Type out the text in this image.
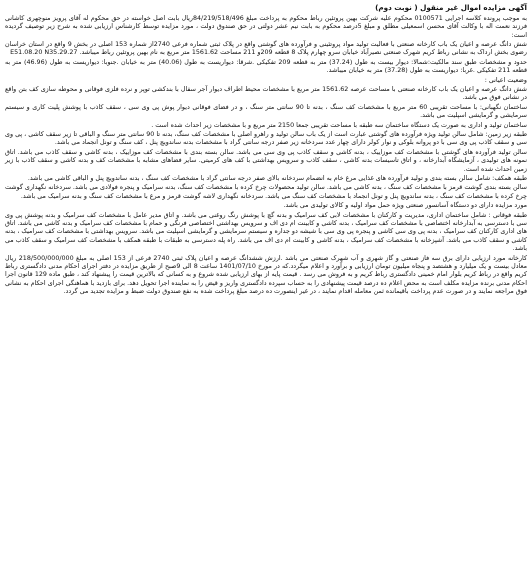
آگهی مزایده اموال غیر منقول ( نوبت دوم)
به موجب پرونده کلاسه اجرایی 0100571 محکوم علیه شرکت بهین پروتئین رباط محکوم به پرداخت مبلغ 84/219/518/496ریال بابت اصل خواسته در حق محکوم له آقای پرویز منوچهری کاشانی فرزند نعمت اله با وکالت آقای محسن اسمعیلی مطلق و مبلغ 5درصد محکوم به بابت نیم عشر دولتی در حق صندوق دولت ، مورد مزایده توسط کارشناس ارزیابی شده به شرح زیر توصیف گردیده است:
شش دانگ عرصه و اعیان یک باب کارخانه صنعتی با فعالیت تولید مواد پروتئینی و فرآورده های گوشتی واقع در پلاک ثبتی شماره فرعی 2740از شماره 153 اصلی در بخش 9 واقع در استان خراسان رضوی بخش ارداک به نشانی رباط کریم شهرک صنعتی نصیرآباد خیابان سرو چهارم پلاک 8 قطعه 209و 211 مساحت 1561.62 متر مربع به نام بهین پروتئین رباط میباشد. E51.08.20 N35.29.27
حدود و مشخصات طبق سند مالکیت:شمالا: دیوار بیست به طول (37.24) متر به قطعه 209 تفکیکی .شرقا: دیواریست به طول (40.06) متر به خیابان .جنوبا: دیواریست به طول (46.96) متر به قطعه 211 تفکیکی .غربا: دیواریست به طول (37.28) متر به خیابان میباشد.
وضعیت اعیانی :
شش دانگ عرصه و اعیان یک باب کارخانه صنعتی با مساحت عرصه 1561.62 متر مربع با مشخصات محیط اطراف دیوار آجر سفال با بندکشی توپر و نرده فلزی فوقانی و محوطه سازی کف بتن واقع در نشانی فوق می باشد.
ساختمان نگهبانی: با مساحت تقریبی 60 متر مربع با مشخصات کف سنگ ، بدنه تا 90 سانتی متر سنگ ، و در فضای فوقانی دیوار پوش پی وی سی ، سقف کاذب با پوشش پلیت کاری و سیستم سرمایشی و گرمایشی اسپلیت می باشد.
ساختمان تولید و اداری به صورت یک دستگاه ساختمان سه طبقه با مساحت تقریبی جمعا 2150 متر مربع و با مشخصات زیر احداث شده است .
طبقه زیر زمین: شامل سالن تولید ویژه فرآورده های گوشتی عبارت است از یک باب سالن تولید و راهرو اصلی با مشخصات کف سنگ، بدنه تا 90 سانتی متر سنگ و الباقی تا زیر سقف کاشی ، پی وی سی و سقف کاذب پی وی سی با دو پروانه بلوکی و نوار کولر دارای چهار عدد سردخانه زیر صفر درجه سانتی گراد با مشخصات بدنه ساندویچ پنل ، کف سنگ و تونل انجماد می باشد.
سالن تولید فرآورده های گوشتی با مشخصات کف موزاییک ، بدنه کاشی و سقف کاذب پی وی سی می باشد. سالن بسته بندی با مشخصات کف موزاییک ، بدنه کاشی و سقف کاذب می باشد. اتاق نمونه های تولیدی ، آزمایشگاه آبدارخانه ، و اتاق تاسیسات بدنه کاشی ، سقف کاذب و سرویس بهداشتی با کف های کرمیتی. سایر فضاهای مشابه با مشخصات کف و بدنه کاشی و سقف کاذب با زیر زمین احداث شده است.
طبقه همکف: شامل سالن بسته بندی و تولید فرآورده های غذایی مرغ خام به انضمام سردخانه بالای صفر درجه سانتی گراد با مشخصات کف سنگ ، بدنه ساندویچ پنل و الباقی کاشی می باشد.
سالن بسته بندی گوشت قرمز با مشخصات کف سنگ ، بدنه کاشی می باشد. سالن تولید محصولات چرخ کرده با مشخصات کف سنگ، بدنه سرامیک و پنجره فولادی می باشد. سردخانه نگهداری گوشت چرخ کرده با مشخصات کف سنگ ، بدنه ساندویچ پنل و تونل انجماد با مشخصات کف سنگ می باشد. سردخانه نگهداری لاشه گوشت قرمز و مرغ با مشخصات کف سنگ و بدنه سرامیک می باشد.
مورد مزایده دارای دو دستگاه آسانسور صنعتی ویژه حمل مواد اولیه و کالای تولیدی می باشد.
طبقه فوقانی : شامل ساختمان اداری، مدیریت و کارکنان با مشخصات لابی کف سرامیک و بدنه گچ با پوشش رنگ روغنی می باشد. و اتاق مدیر عامل با مشخصات کف سرامیک و بدنه پوشش پی وی سی با دسترسی به آبدارخانه اختصاصی با مشخصات کف سرامیک ، بدنه کاشی و کابینت ام دی اف و سرویس بهداشتی اختصاصی فرنگی و حمام با مشخصات کف سرامیک و بدنه کاشی می باشد. اتاق های اداری کارکنان کف سرامیک ، بدنه پی وی سی کاشی و پنجره پی وی سی با شیشه دو جداره و سیستم سرمایشی و گرمایشی اسپلیت می باشد. سرویس بهداشتی با مشخصات کف سرامیک ، بدنه کاشی و سقف کاذب می باشد. آشپزخانه با مشخصات کف سرامیک ، بدنه کاشی و کابینت ام دی اف می باشد. راه پله دسترسی به طبقات با طبقه همکف با مشخصات کف سرامیک و سقف کاذب می باشد.
کارخانه مورد ارزیابی دارای برق سه فاز صنعتی و گاز شهری و آب شهرک صنعتی می باشد .ارزش ششدانگ عرصه و اعیان پلاک ثبتی 2740 فرعی از 153 اصلی به مبلغ 218/500/000/000 ریال معادل بیست و یک میلیارد و هشتصد و پنجاه میلیون تومان ارزیابی و برآورد و اعلام میگردد.که در مورخ 1401/07/10 ساعت 8 الی 9صبح از طریق مزایده در دفتر اجرای احکام مدنی دادگستری رباط کریم واقع در رباط کریم بلوار امام خمینی دادگستری رباط کریم و به فروش می رسد . قیمت پایه از بهای ارزیابی شده شروع و به کسانی که بالاترین قیمت را پیشنهاد کند ، طبق ماده 129 قانون اجرا احکام مدنی برنده مزایده مکلف است به محض اعلام ده درصد قیمت پیشنهادی را به حساب سپرده دادگستری واریز و قیض را به نماینده اجرا تحویل دهد. برای بازدید با هماهنگی اجرای احکام به نشانی فوق مراجعه نمایند و در صورت عدم پرداخت باقیمانده ثمن معامله اقدام نمایند ، در غیر اینصورت ده درصد مبلغ پرداخت شده به نفع صندوق دولت ضبط و مزایده تجدید می گردد.
